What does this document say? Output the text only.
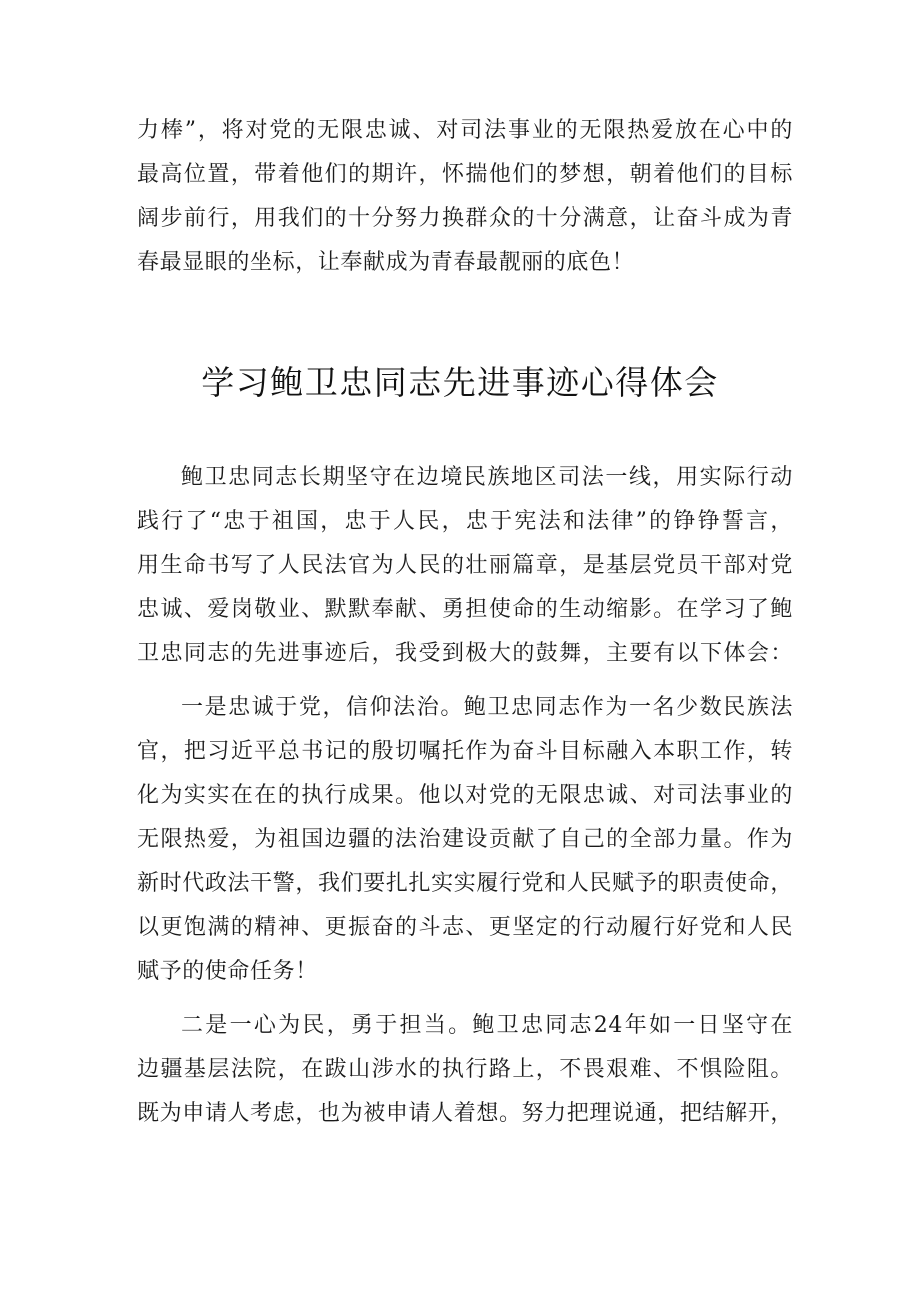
力棒”，将对党的无限忠诚、对司法事业的无限热爱放在心中的
最高位置，带着他们的期许，怀揣他们的梦想，朝着他们的目标
阔步前行，用我们的十分努力换群众的十分满意，让奋斗成为青
春最显眼的坐标，让奉献成为青春最靓丽的底色！
学习鲍卫忠同志先进事迹心得体会
鲍卫忠同志长期坚守在边境民族地区司法一线，用实际行动
践行了“忠于祖国，忠于人民，忠于宪法和法律”的铮铮誓言，
用生命书写了人民法官为人民的壮丽篇章，是基层党员干部对党
忠诚、爱岗敬业、默默奉献、勇担使命的生动缩影。在学习了鲍
卫忠同志的先进事迹后，我受到极大的鼓舞，主要有以下体会：
一是忠诚于党，信仰法治。鲍卫忠同志作为一名少数民族法
官，把习近平总书记的殷切嘱托作为奋斗目标融入本职工作，转
化为实实在在的执行成果。他以对党的无限忠诚、对司法事业的
无限热爱，为祖国边疆的法治建设贡献了自己的全部力量。作为
新时代政法干警，我们要扎扎实实履行党和人民赋予的职责使命，
以更饱满的精神、更振奋的斗志、更坚定的行动履行好党和人民
赋予的使命任务！
二是一心为民，勇于担当。鲍卫忠同志24年如一日坚守在
边疆基层法院，在跋山涉水的执行路上，不畏艰难、不惧险阻。
既为申请人考虑，也为被申请人着想。努力把理说通，把结解开，
